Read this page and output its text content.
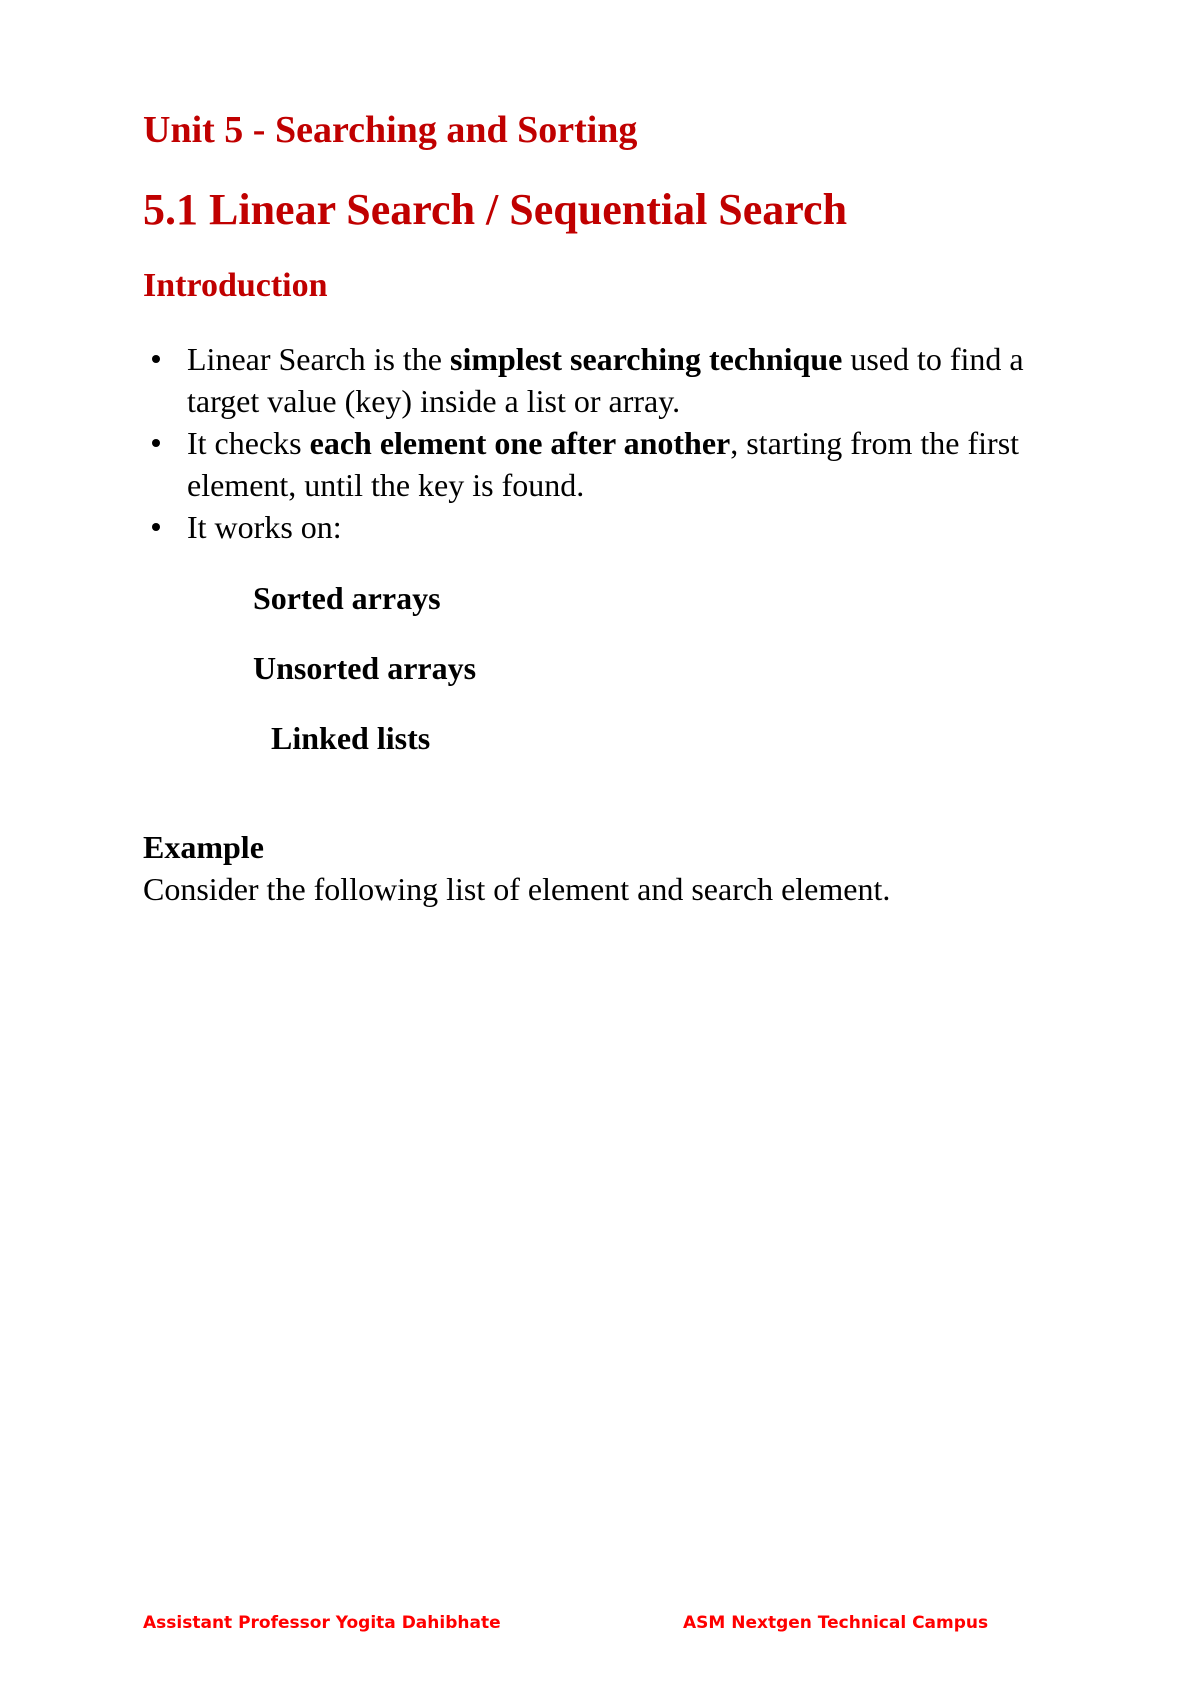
Unit 5 - Searching and Sorting
5.1 Linear Search / Sequential Search
Introduction
Linear Search is the simplest searching technique used to find a target value (key) inside a list or array.
It checks each element one after another, starting from the first element, until the key is found.
It works on:

Sorted arrays

Unsorted arrays

Linked lists

Example

Consider the following list of element and search element.

Assistant Professor Yogita Dahibhate	ASM Nextgen Technical Campus
